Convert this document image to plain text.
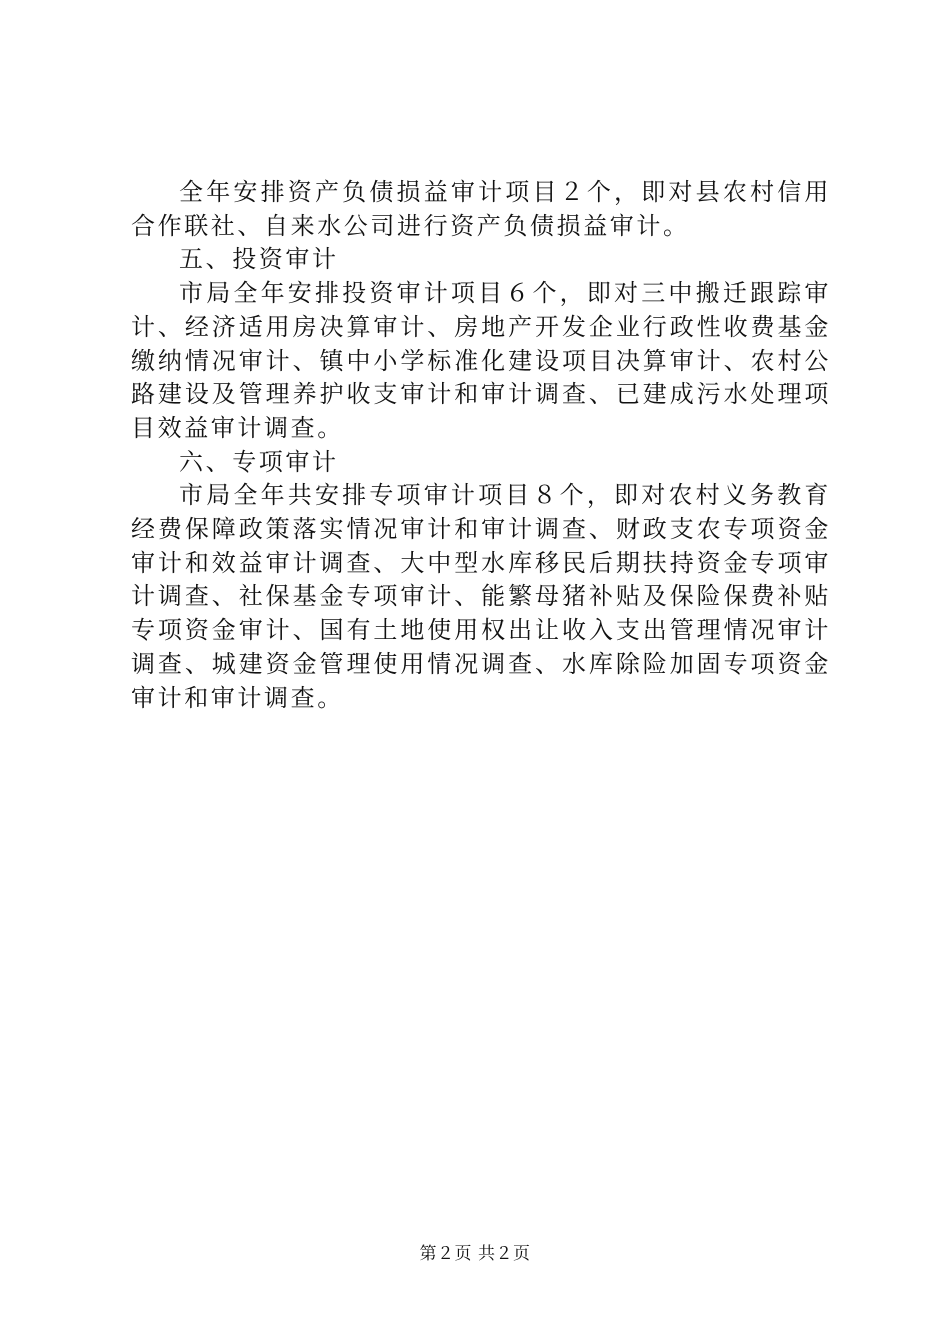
全年安排资产负债损益审计项目２个，即对县农村信用合作联社、自来水公司进行资产负债损益审计。

五、投资审计

市局全年安排投资审计项目６个，即对三中搬迁跟踪审计、经济适用房决算审计、房地产开发企业行政性收费基金缴纳情况审计、镇中小学标准化建设项目决算审计、农村公路建设及管理养护收支审计和审计调查、已建成污水处理项目效益审计调查。

六、专项审计

市局全年共安排专项审计项目８个，即对农村义务教育经费保障政策落实情况审计和审计调查、财政支农专项资金审计和效益审计调查、大中型水库移民后期扶持资金专项审计调查、社保基金专项审计、能繁母猪补贴及保险保费补贴专项资金审计、国有土地使用权出让收入支出管理情况审计调查、城建资金管理使用情况调查、水库除险加固专项资金审计和审计调查。

第２页 共２页
